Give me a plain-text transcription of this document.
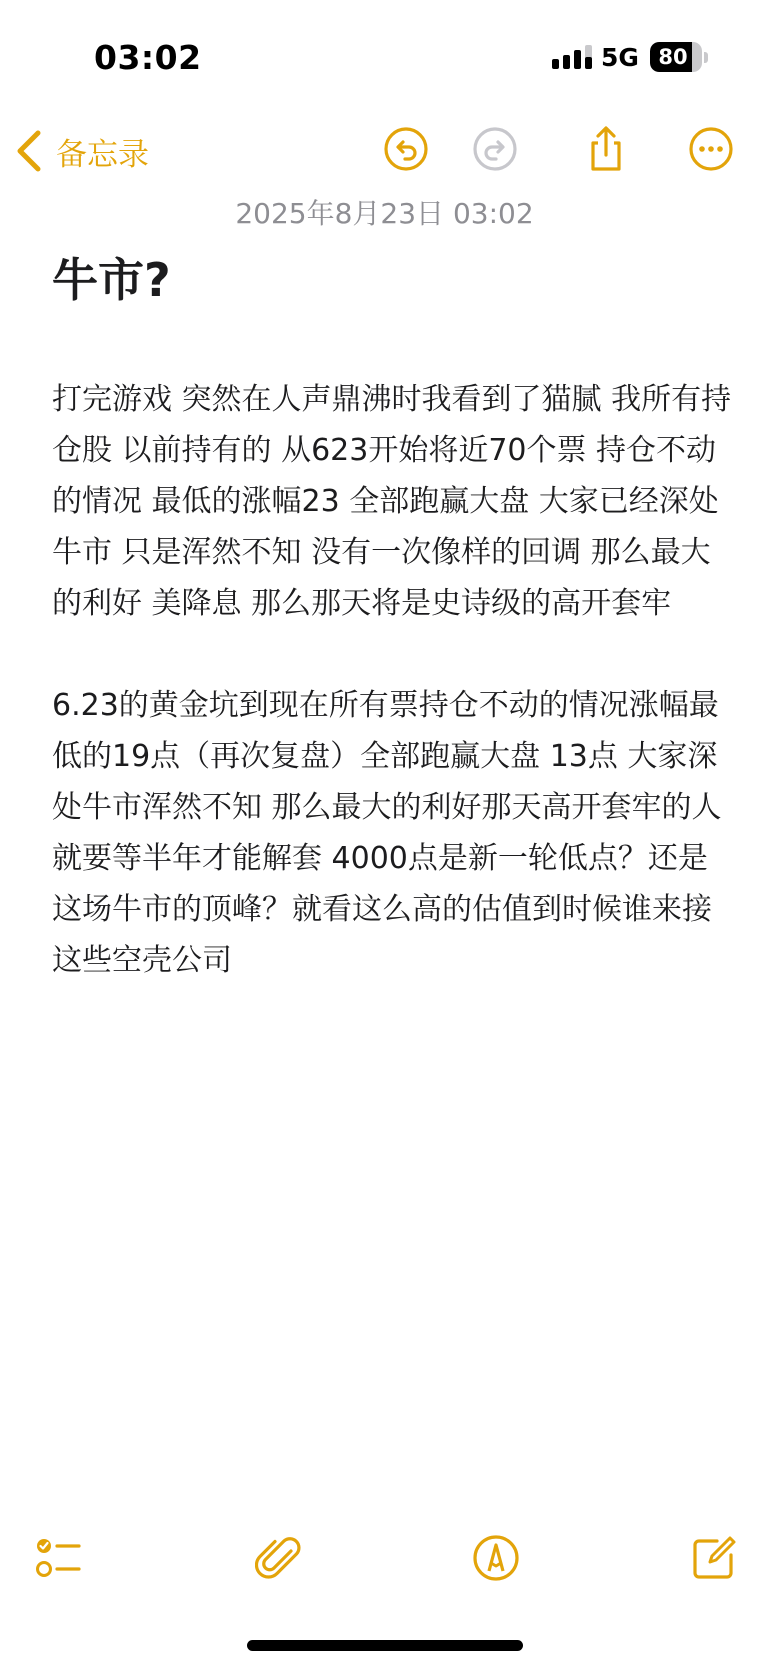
03:02	5G 80
备忘录
2025年8月23日 03:02
牛市?

打完游戏 突然在人声鼎沸时我看到了猫腻 我所有持仓股 以前持有的 从623开始将近70个票 持仓不动的情况 最低的涨幅23 全部跑赢大盘 大家已经深处牛市 只是浑然不知 没有一次像样的回调 那么最大的利好 美降息 那么那天将是史诗级的高开套牢

6.23的黄金坑到现在所有票持仓不动的情况涨幅最低的19点（再次复盘）全部跑赢大盘 13点 大家深处牛市浑然不知 那么最大的利好那天高开套牢的人 就要等半年才能解套 4000点是新一轮低点？还是这场牛市的顶峰？就看这么高的估值到时候谁来接这些空壳公司
